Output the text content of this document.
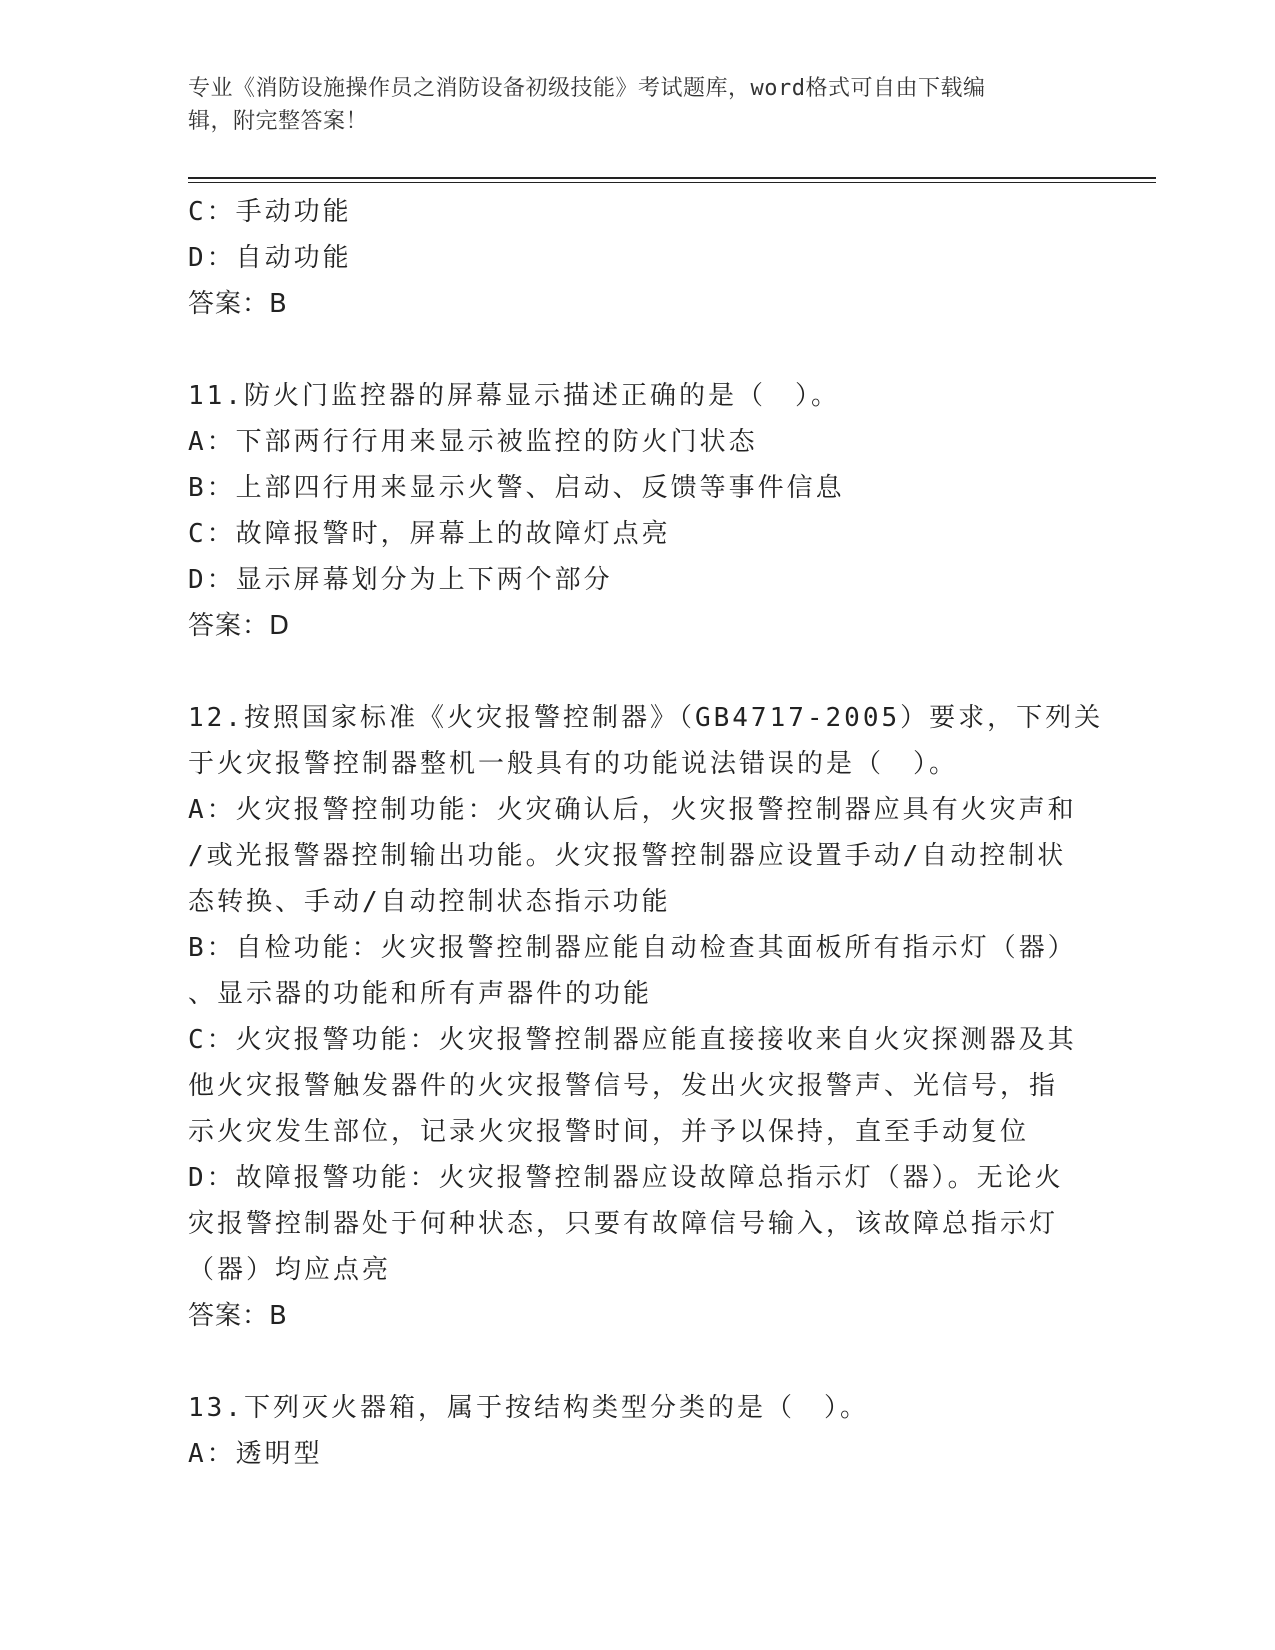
专业《消防设施操作员之消防设备初级技能》考试题库，word格式可自由下载编
辑，附完整答案！
C：手动功能
D：自动功能
答案：B
11.防火门监控器的屏幕显示描述正确的是（　）。
A：下部两行行用来显示被监控的防火门状态
B：上部四行用来显示火警、启动、反馈等事件信息
C：故障报警时，屏幕上的故障灯点亮
D：显示屏幕划分为上下两个部分
答案：D
12.按照国家标准《火灾报警控制器》（GB4717-2005）要求，下列关
于火灾报警控制器整机一般具有的功能说法错误的是（　）。
A：火灾报警控制功能：火灾确认后，火灾报警控制器应具有火灾声和
/或光报警器控制输出功能。火灾报警控制器应设置手动/自动控制状
态转换、手动/自动控制状态指示功能
B：自检功能：火灾报警控制器应能自动检查其面板所有指示灯（器）
、显示器的功能和所有声器件的功能
C：火灾报警功能：火灾报警控制器应能直接接收来自火灾探测器及其
他火灾报警触发器件的火灾报警信号，发出火灾报警声、光信号，指
示火灾发生部位，记录火灾报警时间，并予以保持，直至手动复位
D：故障报警功能：火灾报警控制器应设故障总指示灯（器）。无论火
灾报警控制器处于何种状态，只要有故障信号输入，该故障总指示灯
（器）均应点亮
答案：B
13.下列灭火器箱，属于按结构类型分类的是（　）。
A：透明型
